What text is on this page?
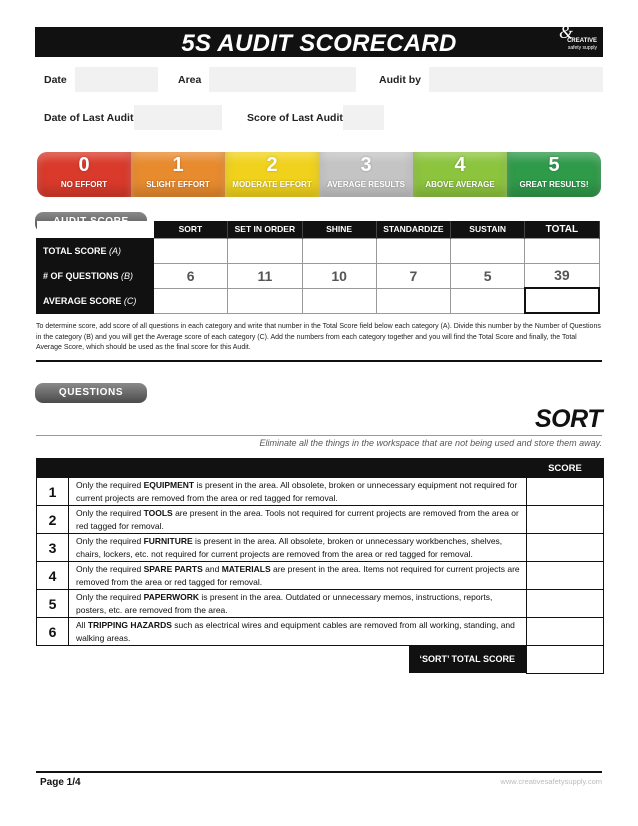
5S AUDIT SCORECARD	&
CREATIVE
safety supply
Date	Area	Audit by
Date of Last Audit	Score of Last Audit
0
NO EFFORT
1
SLIGHT EFFORT
2
MODERATE EFFORT
3
AVERAGE RESULTS
4
ABOVE AVERAGE
5
GREAT RESULTS!
	SORT	SET IN ORDER	SHINE	STANDARDIZE	SUSTAIN	TOTAL
TOTAL SCORE (A)						
# OF QUESTIONS (B)	6	11	10	7	5	39
AVERAGE SCORE (C)						
To determine score, add score of all questions in each category and write that number in the Total Score field below each category (A). Divide this number by the Number of Questions in the category (B) and you will get the Average score of each category (C). Add the numbers from each category together and you will find the Total Score and finally, the Total Average Score, which should be used as the final score for this Audit.
QUESTIONS
SORT
Eliminate all the things in the workspace that are not being used and store them away.
		SCORE
1	Only the required EQUIPMENT is present in the area. All obsolete, broken or unnecessary equipment not required for current projects are removed from the area or red tagged for removal.	
2	Only the required TOOLS are present in the area. Tools not required for current projects are removed from the area or red tagged for removal.	
3	Only the required FURNITURE is present in the area. All obsolete, broken or unnecessary workbenches, shelves, chairs, lockers, etc. not required for current projects are removed from the area or red tagged for removal.	
4	Only the required SPARE PARTS and MATERIALS are present in the area. Items not required for current projects are removed from the area or red tagged for removal.	
5	Only the required PAPERWORK is present in the area. Outdated or unnecessary memos, instructions, reports, posters, etc. are removed from the area.	
6	All TRIPPING HAZARDS such as electrical wires and equipment cables are removed from all working, standing, and walking areas.	

‘SORT’ TOTAL SCORE		

Page 1/4	www.creativesafetysupply.com
